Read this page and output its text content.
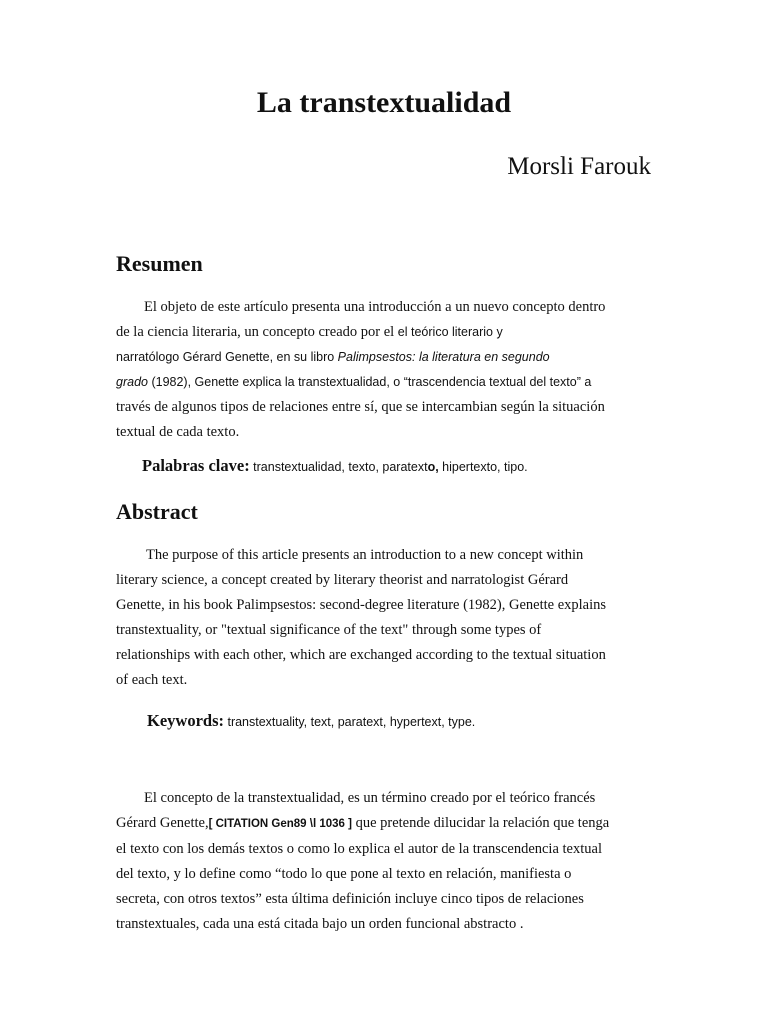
La transtextualidad

Morsli Farouk

Resumen
El objeto de este artículo presenta una introducción a un nuevo concepto dentro
de la ciencia literaria, un concepto creado por el el teórico literario y
narratólogo Gérard Genette, en su libro Palimpsestos: la literatura en segundo
grado (1982), Genette explica la transtextualidad, o “trascendencia textual del texto” a
través de algunos tipos de relaciones entre sí, que se intercambian según la situación
textual de cada texto.

Palabras clave: transtextualidad, texto, paratexto, hipertexto, tipo.

Abstract
The purpose of this article presents an introduction to a new concept within
literary science, a concept created by literary theorist and narratologist Gérard
Genette, in his book Palimpsestos: second-degree literature (1982), Genette explains
transtextuality, or "textual significance of the text" through some types of
relationships with each other, which are exchanged according to the textual situation
of each text.

Keywords: transtextuality, text, paratext, hypertext, type.

El concepto de la transtextualidad, es un término creado por el teórico francés
Gérard Genette,[ CITATION Gen89 \l 1036 ] que pretende dilucidar la relación que tenga
el texto con los demás textos o como lo explica el autor de la transcendencia textual
del texto, y lo define como “todo lo que pone al texto en relación, manifiesta o
secreta, con otros textos” esta última definición incluye cinco tipos de relaciones
transtextuales, cada una está citada bajo un orden funcional abstracto .
